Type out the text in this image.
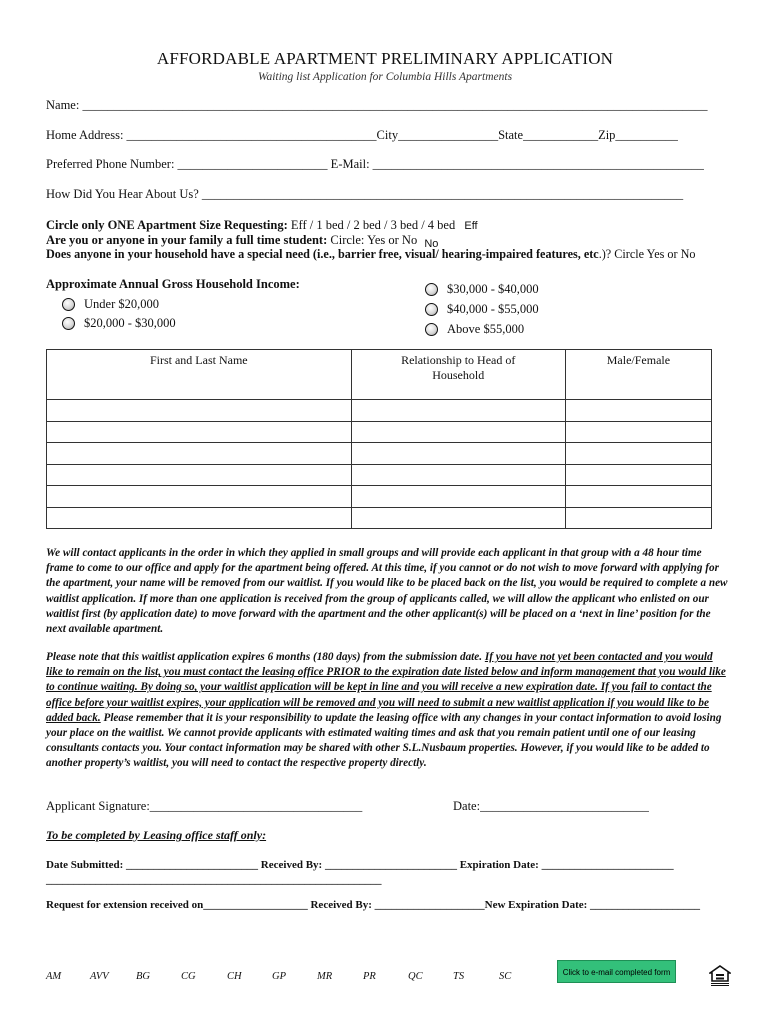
AFFORDABLE APARTMENT PRELIMINARY APPLICATION
Waiting list Application for Columbia Hills Apartments
Name: ____________________________________________________________________________________________________
Home Address: ________________________________________City________________State____________Zip__________
Preferred Phone Number: ________________________ E-Mail: _____________________________________________________
How Did You Hear About Us? _____________________________________________________________________________
Circle only ONE Apartment Size Requesting: Eff / 1 bed / 2 bed / 3 bed / 4 bed Eff
Are you or anyone in your family a full time student: Circle: Yes or No No
Does anyone in your household have a special need (i.e., barrier free, visual/ hearing-impaired features, etc.)? Circle Yes or No
Approximate Annual Gross Household Income:
Under $20,000
$20,000 - $30,000
$30,000 - $40,000
$40,000 - $55,000
Above $55,000
First and Last Name	Relationship to Head of Household	Male/Female

We will contact applicants in the order in which they applied in small groups and will provide each applicant in that group with a 48 hour time frame to come to our office and apply for the apartment being offered. At this time, if you cannot or do not wish to move forward with applying for the apartment, your name will be removed from our waitlist. If you would like to be placed back on the list, you would be required to complete a new waitlist application. If more than one application is received from the group of applicants called, we will allow the applicant who enlisted on our waitlist first (by application date) to move forward with the apartment and the other applicant(s) will be placed on a ‘next in line’ position for the next available apartment.
Please note that this waitlist application expires 6 months (180 days) from the submission date. If you have not yet been contacted and you would like to remain on the list, you must contact the leasing office PRIOR to the expiration date listed below and inform management that you would like to continue waiting. By doing so, your waitlist application will be kept in line and you will receive a new expiration date. If you fail to contact the office before your waitlist expires, your application will be removed and you will need to submit a new waitlist application if you would like to be added back. Please remember that it is your responsibility to update the leasing office with any changes in your contact information to avoid losing your place on the waitlist. We cannot provide applicants with estimated waiting times and ask that you remain patient until one of our leasing consultants contacts you. Your contact information may be shared with other S.L.Nusbaum properties. However, if you would like to be added to another property’s waitlist, you will need to contact the respective property directly.
Applicant Signature:__________________________________	Date:___________________________
To be completed by Leasing office staff only:
Date Submitted: ________________________ Received By: ________________________ Expiration Date: ________________________
_____________________________________________________________
Request for extension received on___________________ Received By: ____________________New Expiration Date: ____________________
AM	AVV	BG	CG	CH	GP	MR	PR	QC	TS	SC	Click to e-mail completed form
